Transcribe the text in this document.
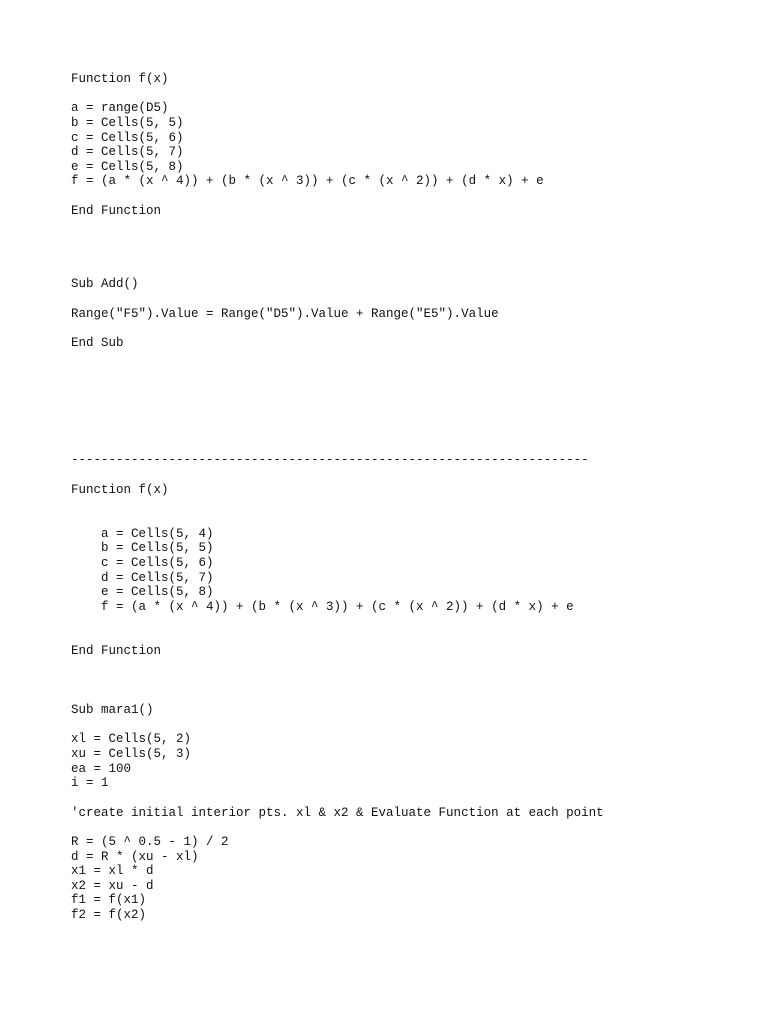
Function f(x)
a = range(D5)
b = Cells(5, 5)
c = Cells(5, 6)
d = Cells(5, 7)
e = Cells(5, 8)
f = (a * (x ^ 4)) + (b * (x ^ 3)) + (c * (x ^ 2)) + (d * x) + e
End Function
Sub Add()
Range("F5").Value = Range("D5").Value + Range("E5").Value
End Sub
---------------------------------------------------------------------
Function f(x)
a = Cells(5, 4)
b = Cells(5, 5)
c = Cells(5, 6)
d = Cells(5, 7)
e = Cells(5, 8)
f = (a * (x ^ 4)) + (b * (x ^ 3)) + (c * (x ^ 2)) + (d * x) + e
End Function
Sub mara1()
xl = Cells(5, 2)
xu = Cells(5, 3)
ea = 100
i = 1
'create initial interior pts. xl & x2 & Evaluate Function at each point
R = (5 ^ 0.5 - 1) / 2
d = R * (xu - xl)
x1 = xl * d
x2 = xu - d
f1 = f(x1)
f2 = f(x2)
